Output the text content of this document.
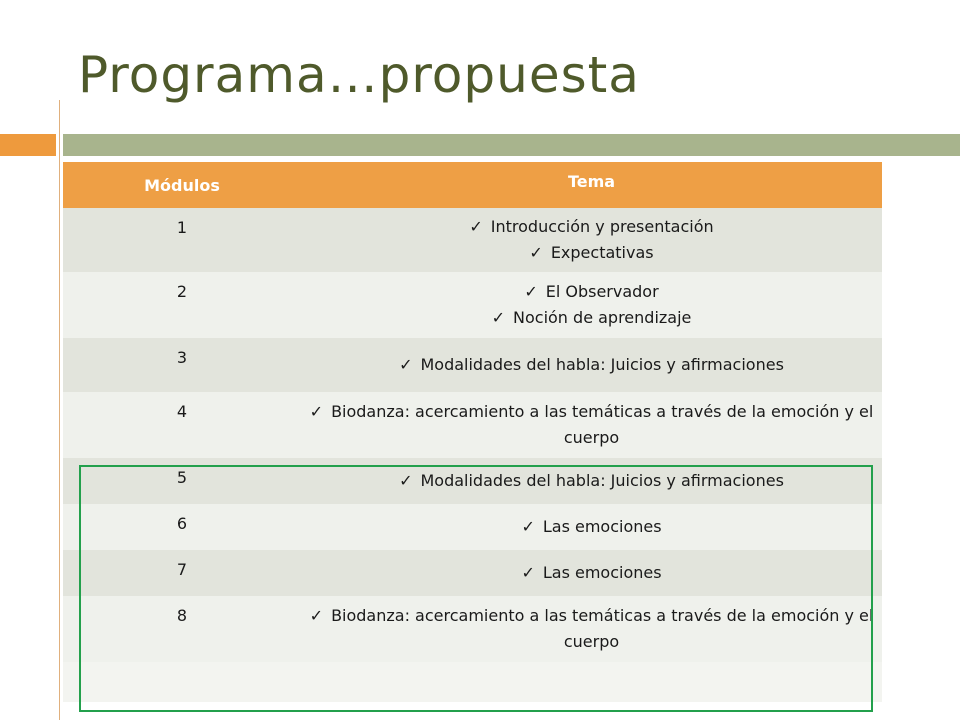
Programa…propuesta
Módulos	Tema
1	✓ Introducción y presentación
✓ Expectativas
2	✓ El Observador
✓ Noción de aprendizaje
3	✓ Modalidades del habla: Juicios y afirmaciones
4	✓ Biodanza: acercamiento a las temáticas a través de la emoción y el cuerpo
5	✓ Modalidades del habla: Juicios y afirmaciones
6	✓ Las emociones
7	✓ Las emociones
8	✓ Biodanza: acercamiento a las temáticas a través de la emoción y el cuerpo
